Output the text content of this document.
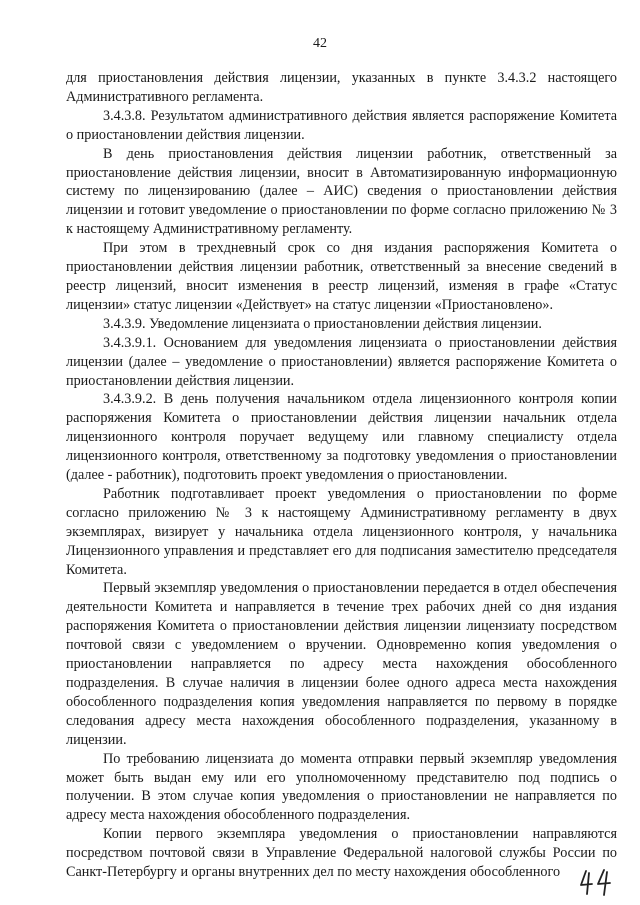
42

для приостановления действия лицензии, указанных в пункте 3.4.3.2 настоящего Административного регламента.

3.4.3.8. Результатом административного действия является распоряжение Комитета о приостановлении действия лицензии.

В день приостановления действия лицензии работник, ответственный за приостановление действия лицензии, вносит в Автоматизированную информационную систему по лицензированию (далее – АИС) сведения о приостановлении действия лицензии и готовит уведомление о приостановлении по форме согласно приложению № 3 к настоящему Административному регламенту.

При этом в трехдневный срок со дня издания распоряжения Комитета о приостановлении действия лицензии работник, ответственный за внесение сведений в реестр лицензий, вносит изменения в реестр лицензий, изменяя в графе «Статус лицензии» статус лицензии «Действует» на статус лицензии «Приостановлено».

3.4.3.9. Уведомление лицензиата о приостановлении действия лицензии.

3.4.3.9.1. Основанием для уведомления лицензиата о приостановлении действия лицензии (далее – уведомление о приостановлении) является распоряжение Комитета о приостановлении действия лицензии.

3.4.3.9.2. В день получения начальником отдела лицензионного контроля копии распоряжения Комитета о приостановлении действия лицензии начальник отдела лицензионного контроля поручает ведущему или главному специалисту отдела лицензионного контроля, ответственному за подготовку уведомления о приостановлении (далее - работник), подготовить проект уведомления о приостановлении.

Работник подготавливает проект уведомления о приостановлении по форме согласно приложению № 3 к настоящему Административному регламенту в двух экземплярах, визирует у начальника отдела лицензионного контроля, у начальника Лицензионного управления и представляет его для подписания заместителю председателя Комитета.

Первый экземпляр уведомления о приостановлении передается в отдел обеспечения деятельности Комитета и направляется в течение трех рабочих дней со дня издания распоряжения Комитета о приостановлении действия лицензии лицензиату посредством почтовой связи с уведомлением о вручении. Одновременно копия уведомления о приостановлении направляется по адресу места нахождения обособленного подразделения. В случае наличия в лицензии более одного адреса места нахождения обособленного подразделения копия уведомления направляется по первому в порядке следования адресу места нахождения обособленного подразделения, указанному в лицензии.

По требованию лицензиата до момента отправки первый экземпляр уведомления может быть выдан ему или его уполномоченному представителю под подпись о получении. В этом случае копия уведомления о приостановлении не направляется по адресу места нахождения обособленного подразделения.

Копии первого экземпляра уведомления о приостановлении направляются посредством почтовой связи в Управление Федеральной налоговой службы России по Санкт-Петербургу и органы внутренних дел по месту нахождения обособленного
